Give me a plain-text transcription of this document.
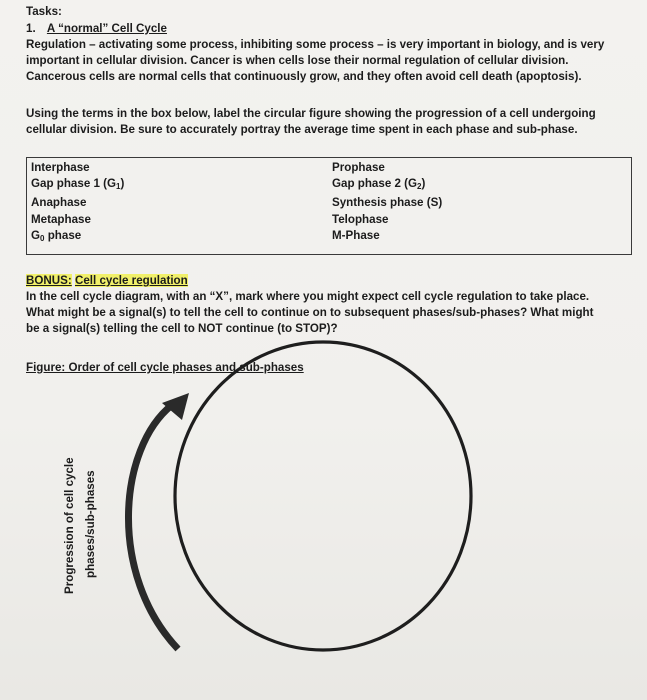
Tasks:
1. A “normal” Cell Cycle
Regulation – activating some process, inhibiting some process – is very important in biology, and is very
important in cellular division. Cancer is when cells lose their normal regulation of cellular division.
Cancerous cells are normal cells that continuously grow, and they often avoid cell death (apoptosis).
Using the terms in the box below, label the circular figure showing the progression of a cell undergoing
cellular division. Be sure to accurately portray the average time spent in each phase and sub-phase.
Interphase
Gap phase 1 $(G_1)$
Anaphase
Metaphase
$G_0$ phase
Prophase
Gap phase 2 $(G_2)$
Synthesis phase (S)
Telophase
M-Phase
BONUS: Cell cycle regulation
In the cell cycle diagram, with an “X”, mark where you might expect cell cycle regulation to take place.
What might be a signal(s) to tell the cell to continue on to subsequent phases/sub-phases? What might
be a signal(s) telling the cell to NOT continue (to STOP)?
Figure: Order of cell cycle phases and sub-phases
Progression of cell cycle phases/sub-phases
